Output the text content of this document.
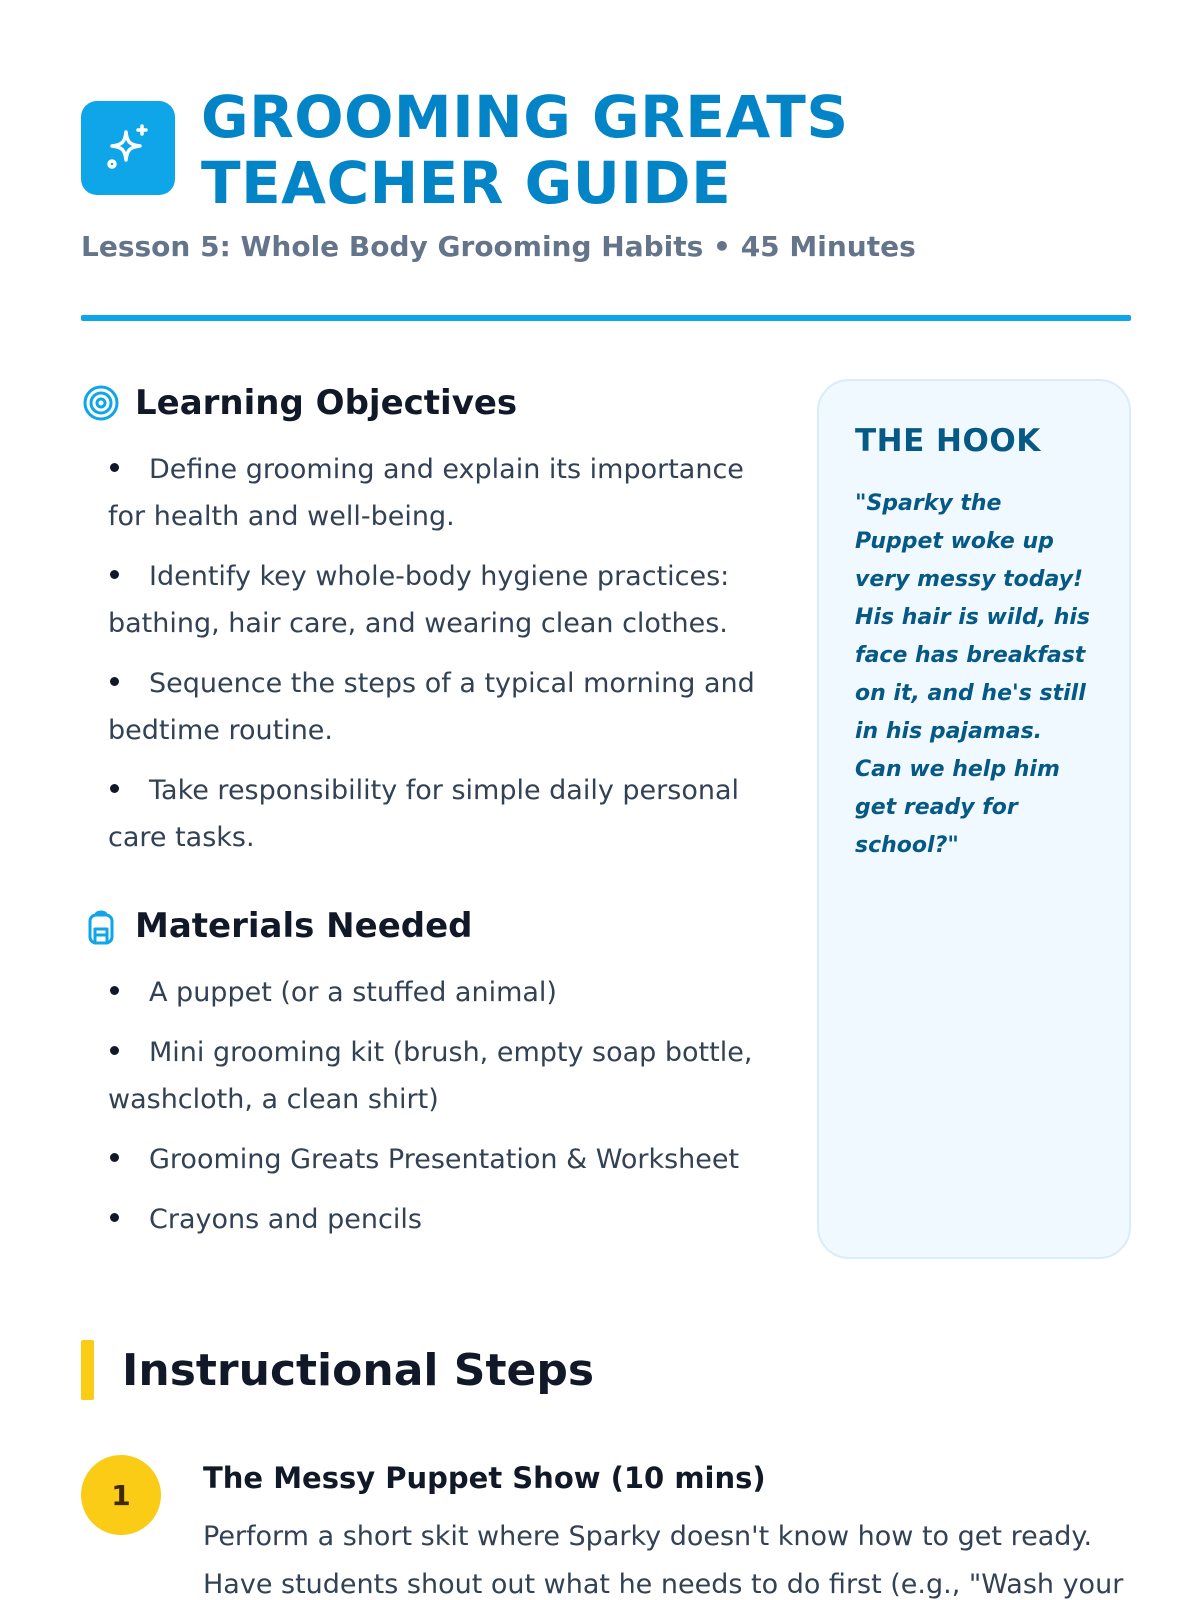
GROOMING GREATS
TEACHER GUIDE
Lesson 5: Whole Body Grooming Habits • 45 Minutes
Learning Objectives
Define grooming and explain its importance for health and well-being.
Identify key whole-body hygiene practices: bathing, hair care, and wearing clean clothes.
Sequence the steps of a typical morning and bedtime routine.
Take responsibility for simple daily personal care tasks.
Materials Needed
A puppet (or a stuffed animal)
Mini grooming kit (brush, empty soap bottle, washcloth, a clean shirt)
Grooming Greats Presentation & Worksheet
Crayons and pencils
THE HOOK

"Sparky the Puppet woke up very messy today! His hair is wild, his face has breakfast on it, and he's still in his pajamas. Can we help him get ready for school?"

Instructional Steps
1	The Messy Puppet Show (10 mins)

Perform a short skit where Sparky doesn't know how to get ready. Have students shout out what he needs to do first (e.g., "Wash your
